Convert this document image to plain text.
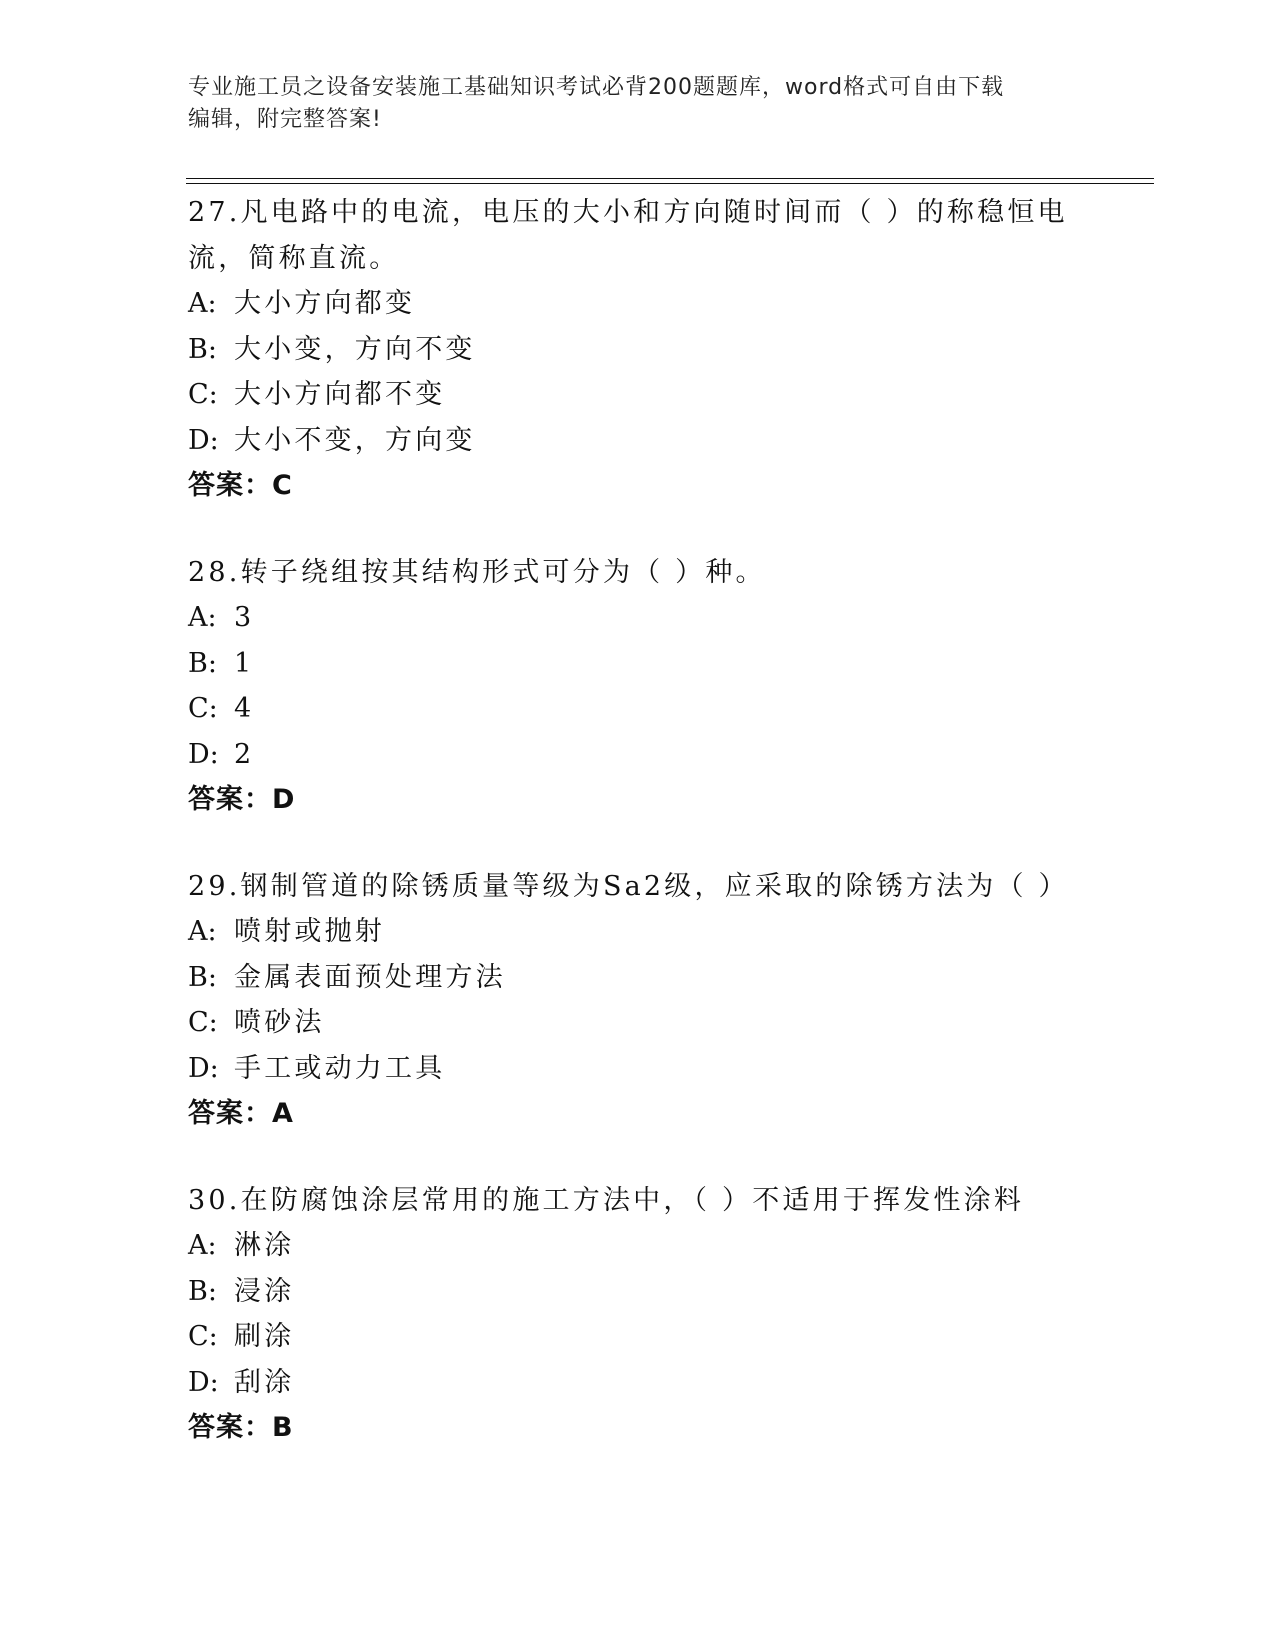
专业施工员之设备安装施工基础知识考试必背200题题库，word格式可自由下载
编辑，附完整答案!
27.凡电路中的电流，电压的大小和方向随时间而（ ）的称稳恒电流，简称直流。
A: 大小方向都变
B: 大小变，方向不变
C: 大小方向都不变
D: 大小不变，方向变
答案：C
28.转子绕组按其结构形式可分为（ ）种。
A: 3
B: 1
C: 4
D: 2
答案：D
29.钢制管道的除锈质量等级为Sa2级，应采取的除锈方法为（ ）
A: 喷射或抛射
B: 金属表面预处理方法
C: 喷砂法
D: 手工或动力工具
答案：A
30.在防腐蚀涂层常用的施工方法中，（ ）不适用于挥发性涂料
A: 淋涂
B: 浸涂
C: 刷涂
D: 刮涂
答案：B
